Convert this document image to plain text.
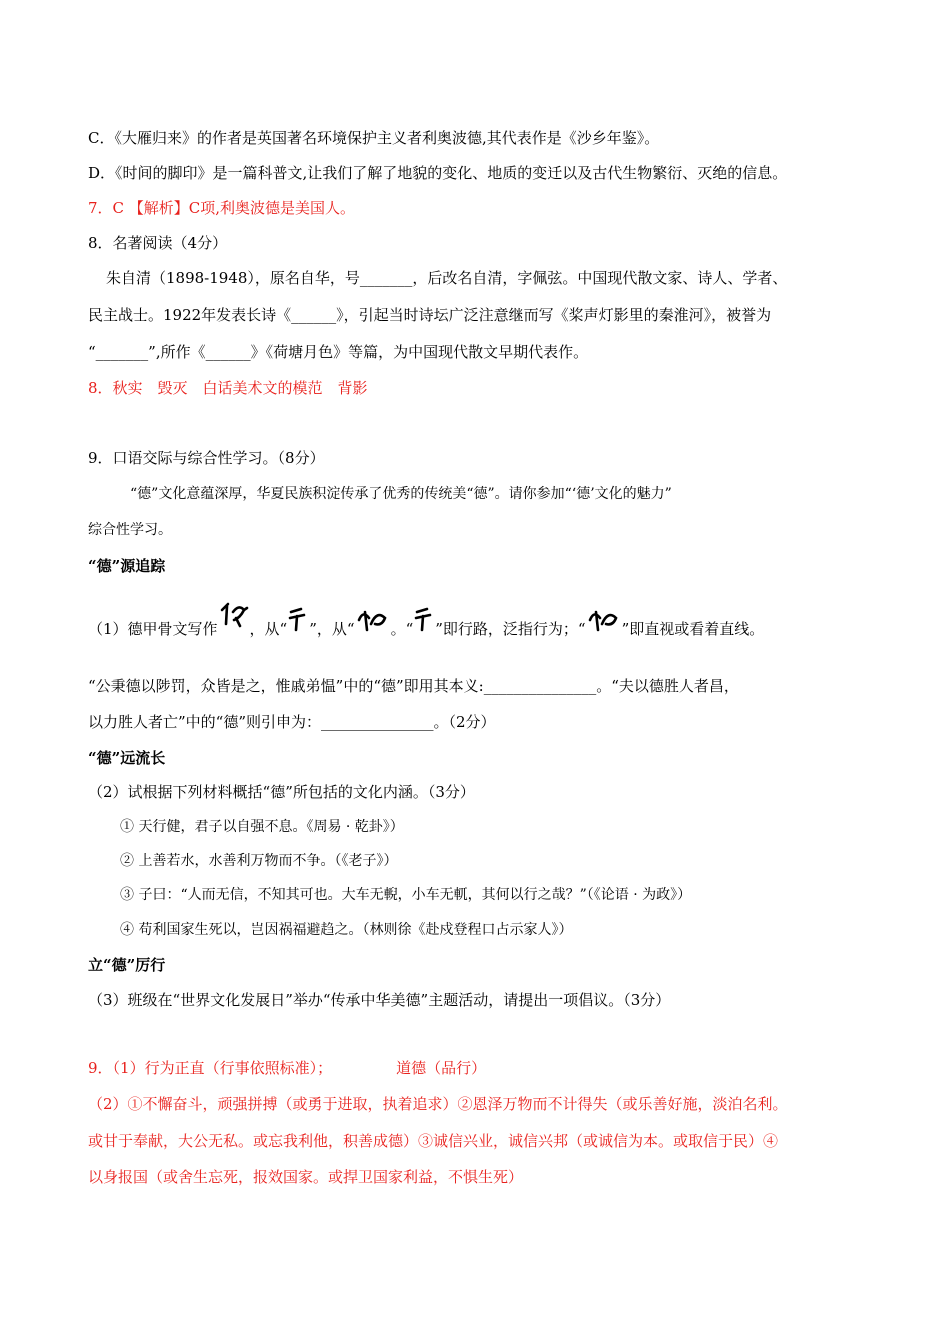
C．《大雁归来》的作者是英国著名环境保护主义者利奥波德,其代表作是《沙乡年鉴》。
D．《时间的脚印》是一篇科普文,让我们了解了地貌的变化、地质的变迁以及古代生物繁衍、灭绝的信息。
7．C 【解析】C项,利奥波德是美国人。
8．名著阅读（4分）
朱自清（1898-1948），原名自华，号_______，后改名自清，字佩弦。中国现代散文家、诗人、学者、
民主战士。1922年发表长诗《______》，引起当时诗坛广泛注意继而写《桨声灯影里的秦淮河》，被誉为
“_______”,所作《______》《荷塘月色》等篇，为中国现代散文早期代表作。
8．秋实　毁灭　白话美术文的模范　背影
9．口语交际与综合性学习。（8分）
“德”文化意蕴深厚，华夏民族积淀传承了优秀的传统美“德”。请你参加“‘德’文化的魅力”
综合性学习。
“德”源追踪
（1）德甲骨文写作 ，从“ ”，从“ 。“ ”即行路，泛指行为；“ ”即直视或看着直线。
“公秉德以陟罚，众皆是之，惟戚弟愠”中的“德”即用其本义:_______________。“夫以德胜人者昌，
以力胜人者亡”中的“德”则引申为：_______________。（2分）
“德”远流长
（2）试根据下列材料概括“德”所包括的文化内涵。（3分）
① 天行健，君子以自强不息。《周易 · 乾卦》）
② 上善若水，水善利万物而不争。（《老子》）
③ 子曰：“人而无信，不知其可也。大车无輗，小车无軏，其何以行之哉？”（《论语 · 为政》）
④ 苟利国家生死以，岂因祸福避趋之。（林则徐《赴戍登程口占示家人》）
立“德”厉行
（3）班级在“世界文化发展日”举办“传承中华美德”主题活动，请提出一项倡议。（3分）
9．（1）行为正直（行事依照标准）；	道德（品行）
（2）①不懈奋斗，顽强拼搏（或勇于进取，执着追求）②恩泽万物而不计得失（或乐善好施，淡泊名利。
或甘于奉献，大公无私。或忘我利他，积善成德）③诚信兴业，诚信兴邦（或诚信为本。或取信于民）④
以身报国（或舍生忘死，报效国家。或捍卫国家利益，不惧生死）
